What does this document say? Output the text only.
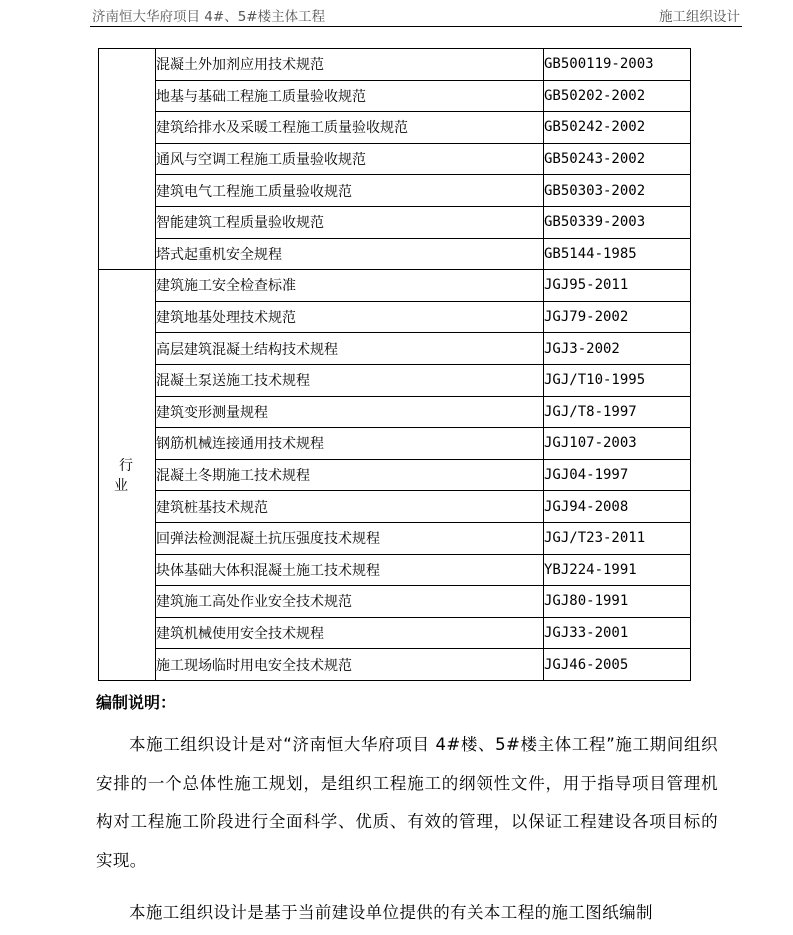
济南恒大华府项目 4#、5#楼主体工程	施工组织设计
	混凝土外加剂应用技术规范	GB500119-2003
	地基与基础工程施工质量验收规范	GB50202-2002
	建筑给排水及采暖工程施工质量验收规范	GB50242-2002
	通风与空调工程施工质量验收规范	GB50243-2002
	建筑电气工程施工质量验收规范	GB50303-2002
	智能建筑工程质量验收规范	GB50339-2003
	塔式起重机安全规程	GB5144-1985
行业	建筑施工安全检查标准	JGJ95-2011
	建筑地基处理技术规范	JGJ79-2002
	高层建筑混凝土结构技术规程	JGJ3-2002
	混凝土泵送施工技术规程	JGJ/T10-1995
	建筑变形测量规程	JGJ/T8-1997
	钢筋机械连接通用技术规程	JGJ107-2003
	混凝土冬期施工技术规程	JGJ04-1997
	建筑桩基技术规范	JGJ94-2008
	回弹法检测混凝土抗压强度技术规程	JGJ/T23-2011
	块体基础大体积混凝土施工技术规程	YBJ224-1991
	建筑施工高处作业安全技术规范	JGJ80-1991
	建筑机械使用安全技术规程	JGJ33-2001
	施工现场临时用电安全技术规范	JGJ46-2005
编制说明：
本施工组织设计是对“济南恒大华府项目 4#楼、5#楼主体工程”施工期间组织安排的一个总体性施工规划，是组织工程施工的纲领性文件，用于指导项目管理机构对工程施工阶段进行全面科学、优质、有效的管理，以保证工程建设各项目标的实现。
本施工组织设计是基于当前建设单位提供的有关本工程的施工图纸编制
